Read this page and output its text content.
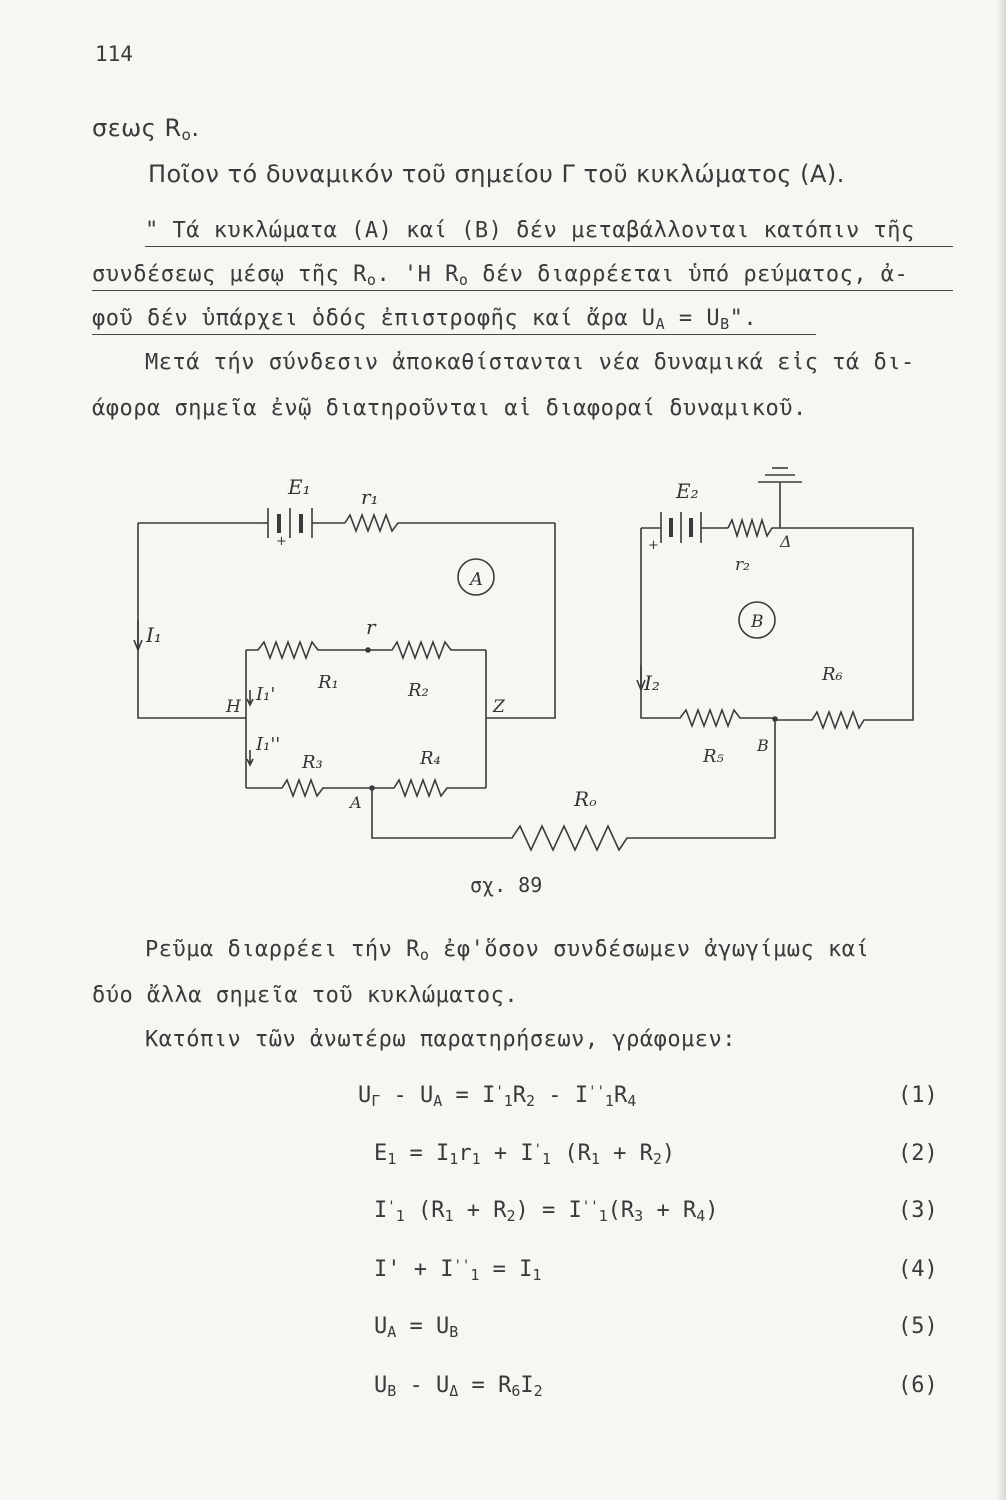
114
σεως $R_o$.
Ποῖον τό δυναμικόν τοῦ σημείου Γ τοῦ κυκλώματος (Α).
" Τά κυκλώματα (Α) καί (Β) δέν μεταβάλλονται κατόπιν τῆς
συνδέσεως μέσῳ τῆς $R_o$. 'Η $R_o$ δέν διαρρέεται ὑπό ρεύματος, ἀ-
φοῦ δέν ὑπάρχει ὁδός ἐπιστροφῆς καί ἄρα $U_A = U_B$".
Μετά τήν σύνδεσιν ἀποκαθίστανται νέα δυναμικά εἰς τά δι-
άφορα σημεῖα ἐνῷ διατηροῦνται αἱ διαφοραί δυναμικοῦ.
E₁	r₁
+
A
I₁	r
H
I₁'
R₁	R₂
Z
I₁''
R₃	R₄
A	Rₒ
E₂
+	Δ
r₂
B
I₂	R₆
R₅
B
σχ. 89
Ρεῦμα διαρρέει τήν $R_o$ ἐφ'ὅσον συνδέσωμεν ἀγωγίμως καί
δύο ἄλλα σημεῖα τοῦ κυκλώματος.
Κατόπιν τῶν ἀνωτέρω παρατηρήσεων, γράφομεν:
$U_\Gamma - U_A = I'_1R_2 - I''_1R_4$	(1)
$E_1 = I_1r_1 + I'_1$ $(R_1 + R_2)$	(2)
$I'_1$ $(R_1 + R_2) = I''_1(R_3 + R_4)$	(3)
$I' + I''_1 = I_1$	(4)
$U_A = U_B$	(5)
$U_B - U_\Delta = R_6I_2$	(6)
